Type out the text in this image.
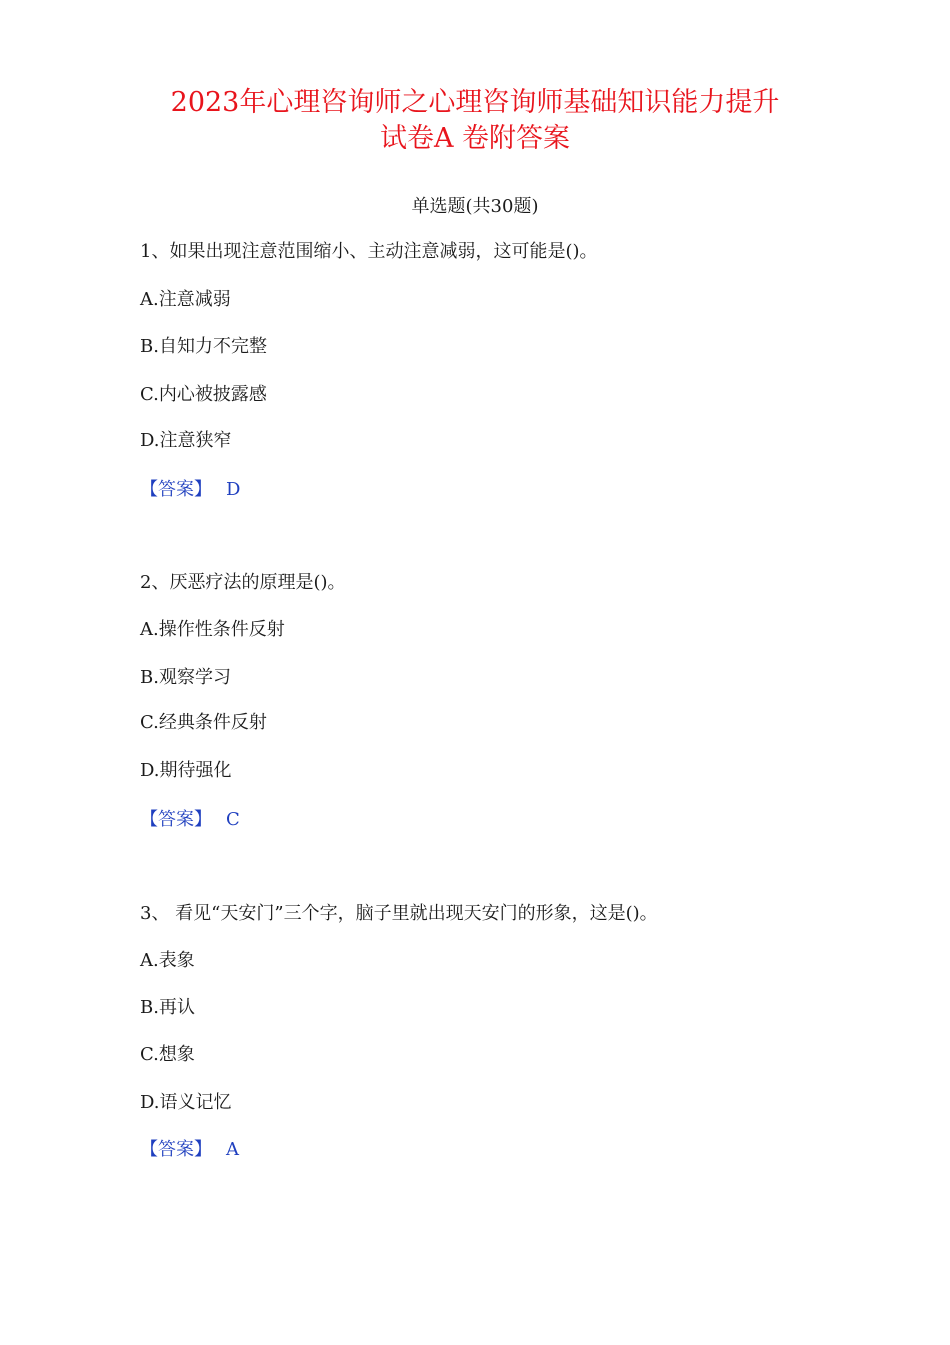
2023年心理咨询师之心理咨询师基础知识能力提升
试卷A 卷附答案
单选题(共30题)
1、如果出现注意范围缩小、主动注意减弱，这可能是()。
A.注意减弱
B.自知力不完整
C.内心被披露感
D.注意狭窄
【答案】 D
2、厌恶疗法的原理是()。
A.操作性条件反射
B.观察学习
C.经典条件反射
D.期待强化
【答案】 C
3、 看见“天安门”三个字，脑子里就出现天安门的形象，这是()。
A.表象
B.再认
C.想象
D.语义记忆
【答案】 A
